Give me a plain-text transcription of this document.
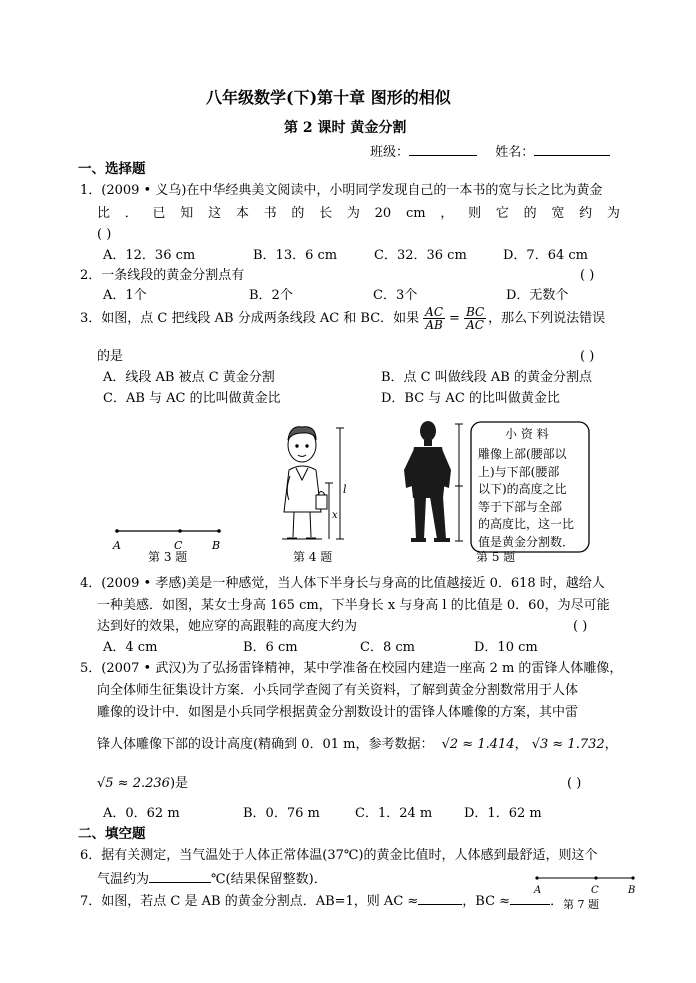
八年级数学(下)第十章 图形的相似
第 2 课时 黄金分割
班级：	姓名：
一、选择题
1．(2009 • 义乌)在中华经典美文阅读中，小明同学发现自己的一本书的宽与长之比为黄金
比 ． 已 知 这 本 书 的 长 为 20 cm ， 则 它 的 宽 约 为
( )
A．12．36 cm	B．13．6 cm	C．32．36 cm	D．7．64 cm
2．一条线段的黄金分割点有	( )
A．1个	B．2个	C．3个	D．无数个
3．如图，点 C 把线段 AB 分成两条线段 AC 和 BC．如果 $\frac{AC}{AB} = \frac{BC}{AC}$ ，那么下列说法错误
的是	( )
A．线段 AB 被点 C 黄金分割	B．点 C 叫做线段 AB 的黄金分割点
C．AB 与 AC 的比叫做黄金比	D．BC 与 AC 的比叫做黄金比
A	C	B
l
x
A	C	B
小 资 料
雕像上部(腰部以
上)与下部(腰部
以下)的高度之比
等于下部与全部
的高度比，这一比
值是黄金分割数．
第 3 题	第 4 题	第 5 题
4．(2009 • 孝感)美是一种感觉，当人体下半身长与身高的比值越接近 0．618 时，越给人
一种美感．如图，某女士身高 165 cm，下半身长 x 与身高 l 的比值是 0．60，为尽可能
达到好的效果，她应穿的高跟鞋的高度大约为	( )
A．4 cm	B．6 cm	C．8 cm	D．10 cm
5．(2007 • 武汉)为了弘扬雷锋精神，某中学准备在校园内建造一座高 2 m 的雷锋人体雕像，
向全体师生征集设计方案．小兵同学查阅了有关资料，了解到黄金分割数常用于人体
雕像的设计中．如图是小兵同学根据黄金分割数设计的雷锋人体雕像的方案，其中雷
锋人体雕像下部的设计高度(精确到 0．01 m，参考数据： √2 ≈ 1.414， √3 ≈ 1.732，
√5 ≈ 2.236)是	( )
A．0．62 m	B．0．76 m	C．1．24 m D．1．62 m
二、填空题
6．据有关测定，当气温处于人体正常体温(37℃)的黄金比值时，人体感到最舒适，则这个
气温约为	℃(结果保留整数)．
7．如图，若点 C 是 AB 的黄金分割点．AB=1，则 AC ≈	，BC ≈	． 第 7 题
